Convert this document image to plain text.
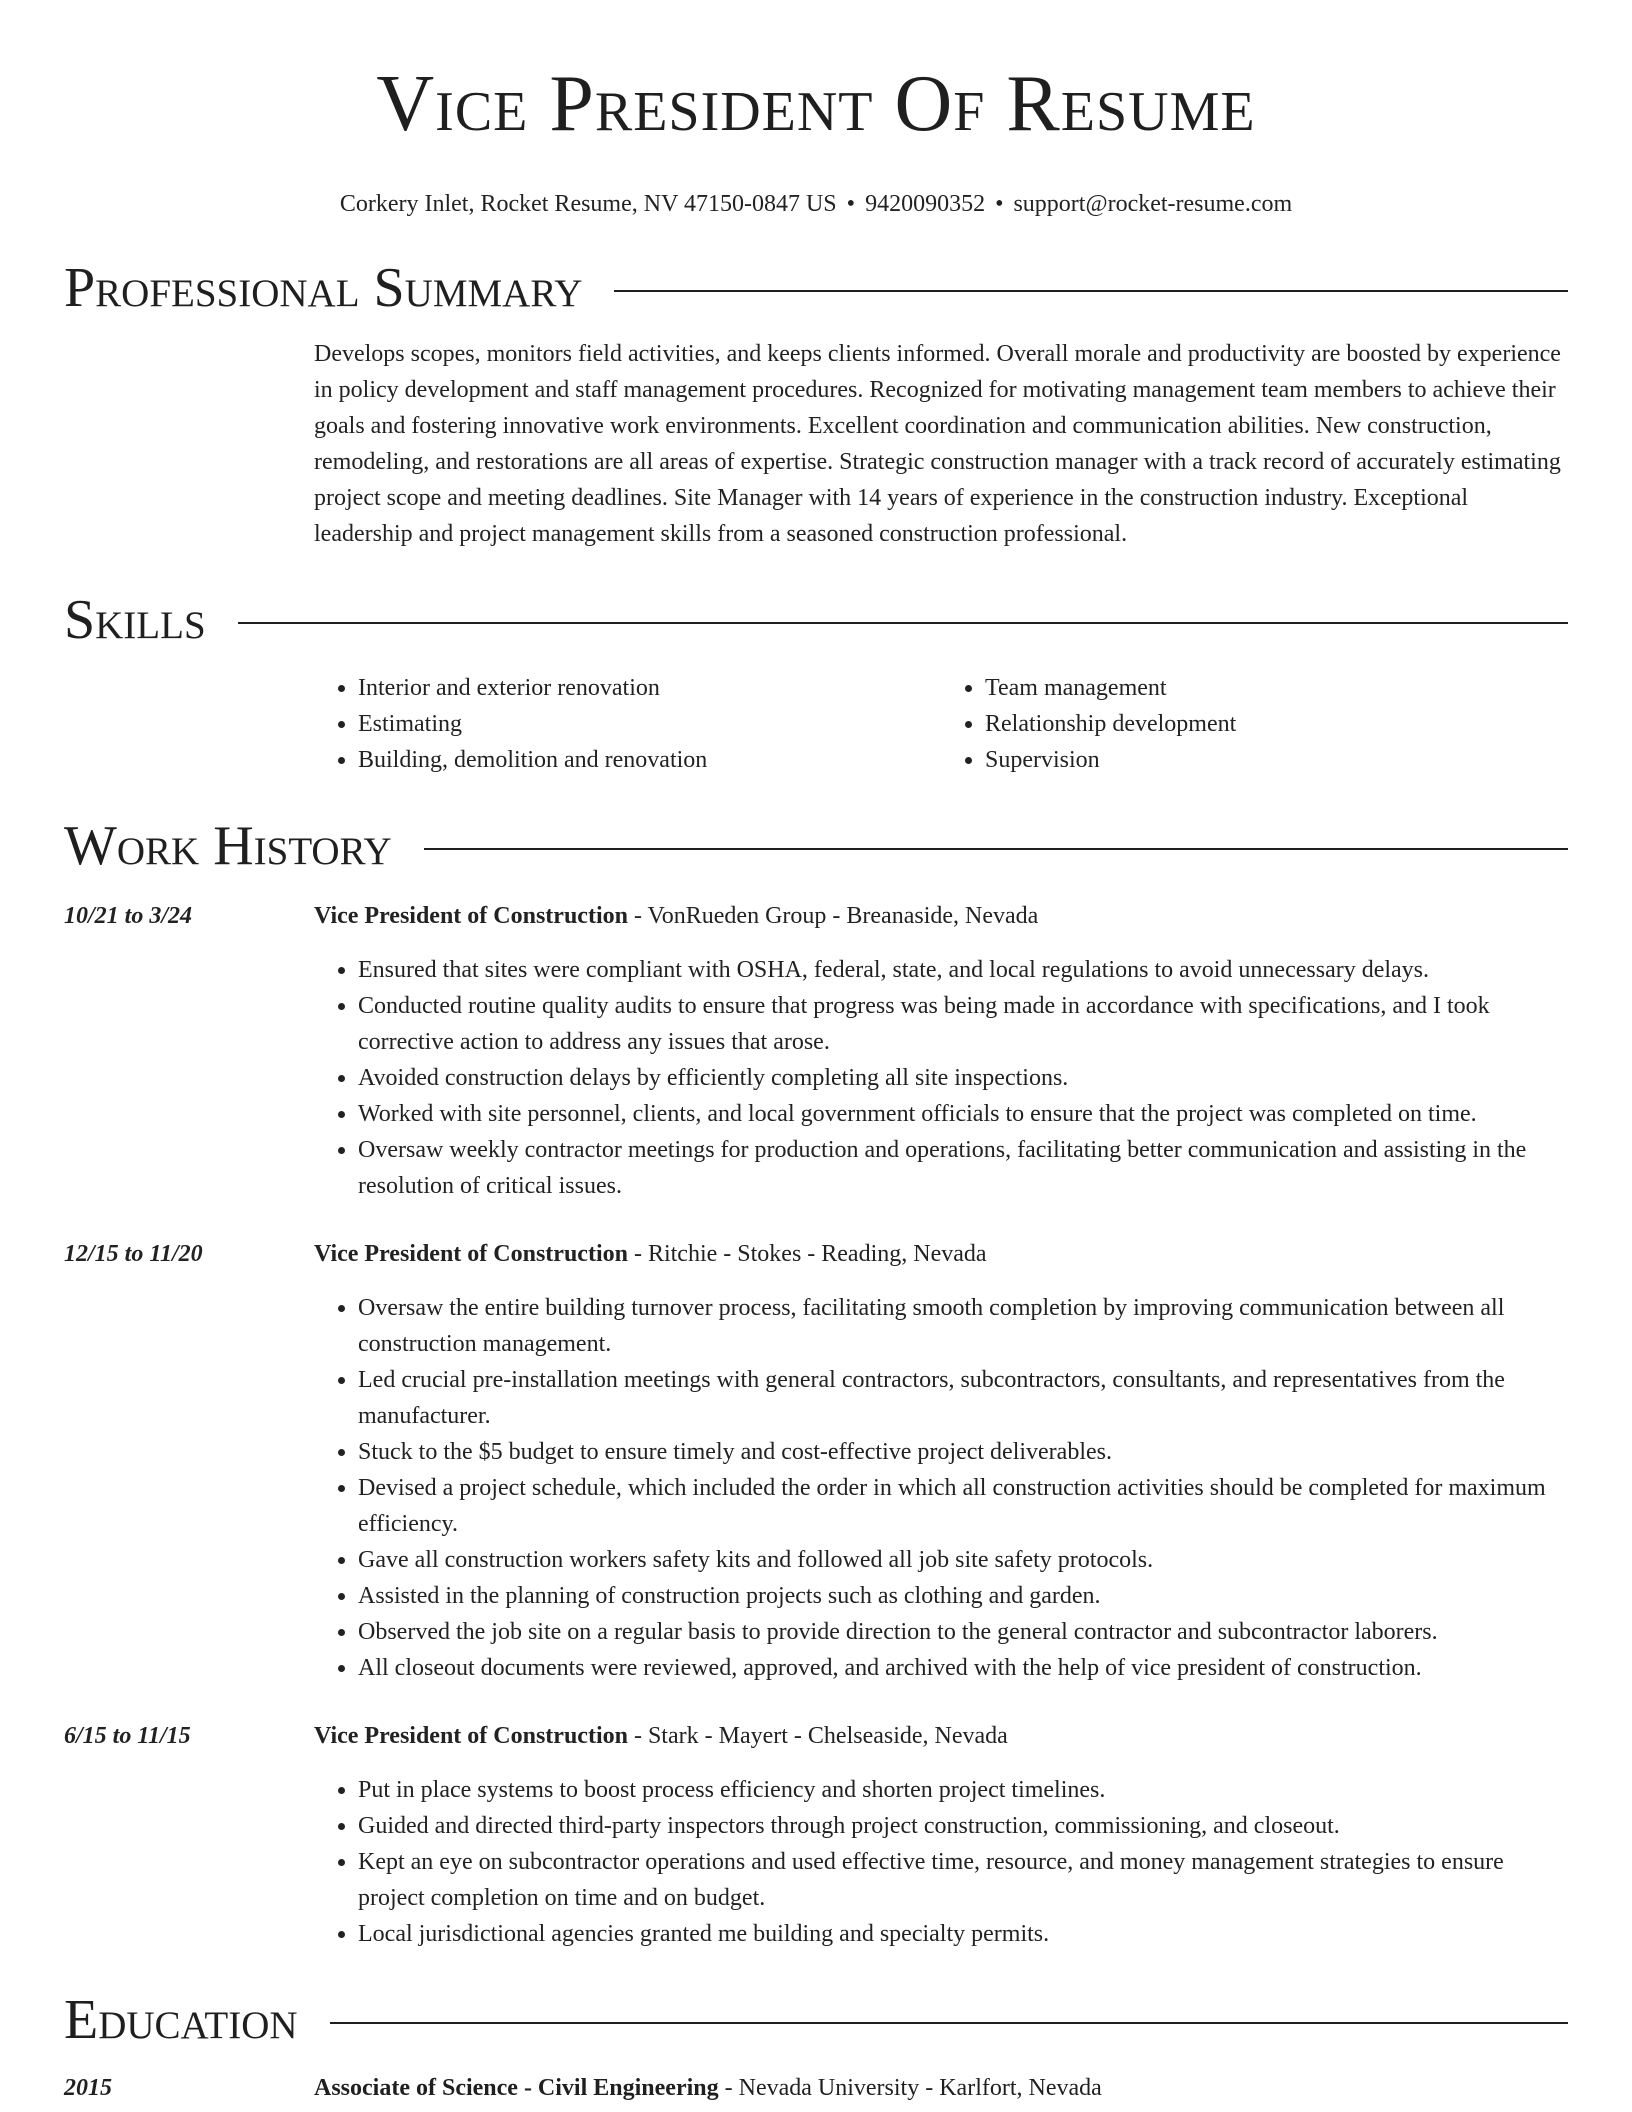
Vice President Of Resume
Corkery Inlet, Rocket Resume, NV 47150-0847 US • 9420090352 • support@rocket-resume.com
Professional Summary
Develops scopes, monitors field activities, and keeps clients informed. Overall morale and productivity are boosted by experience in policy development and staff management procedures. Recognized for motivating management team members to achieve their goals and fostering innovative work environments. Excellent coordination and communication abilities. New construction, remodeling, and restorations are all areas of expertise. Strategic construction manager with a track record of accurately estimating project scope and meeting deadlines. Site Manager with 14 years of experience in the construction industry. Exceptional leadership and project management skills from a seasoned construction professional.
Skills
• Interior and exterior renovation
• Estimating
• Building, demolition and renovation
• Team management
• Relationship development
• Supervision
Work History
10/21 to 3/24	Vice President of Construction - VonRueden Group - Breanaside, Nevada
• Ensured that sites were compliant with OSHA, federal, state, and local regulations to avoid unnecessary delays.
• Conducted routine quality audits to ensure that progress was being made in accordance with specifications, and I took corrective action to address any issues that arose.
• Avoided construction delays by efficiently completing all site inspections.
• Worked with site personnel, clients, and local government officials to ensure that the project was completed on time.
• Oversaw weekly contractor meetings for production and operations, facilitating better communication and assisting in the resolution of critical issues.
12/15 to 11/20	Vice President of Construction - Ritchie - Stokes - Reading, Nevada
• Oversaw the entire building turnover process, facilitating smooth completion by improving communication between all construction management.
• Led crucial pre-installation meetings with general contractors, subcontractors, consultants, and representatives from the manufacturer.
• Stuck to the $5 budget to ensure timely and cost-effective project deliverables.
• Devised a project schedule, which included the order in which all construction activities should be completed for maximum efficiency.
• Gave all construction workers safety kits and followed all job site safety protocols.
• Assisted in the planning of construction projects such as clothing and garden.
• Observed the job site on a regular basis to provide direction to the general contractor and subcontractor laborers.
• All closeout documents were reviewed, approved, and archived with the help of vice president of construction.
6/15 to 11/15	Vice President of Construction - Stark - Mayert - Chelseaside, Nevada
• Put in place systems to boost process efficiency and shorten project timelines.
• Guided and directed third-party inspectors through project construction, commissioning, and closeout.
• Kept an eye on subcontractor operations and used effective time, resource, and money management strategies to ensure project completion on time and on budget.
• Local jurisdictional agencies granted me building and specialty permits.
Education
2015	Associate of Science - Civil Engineering - Nevada University - Karlfort, Nevada
